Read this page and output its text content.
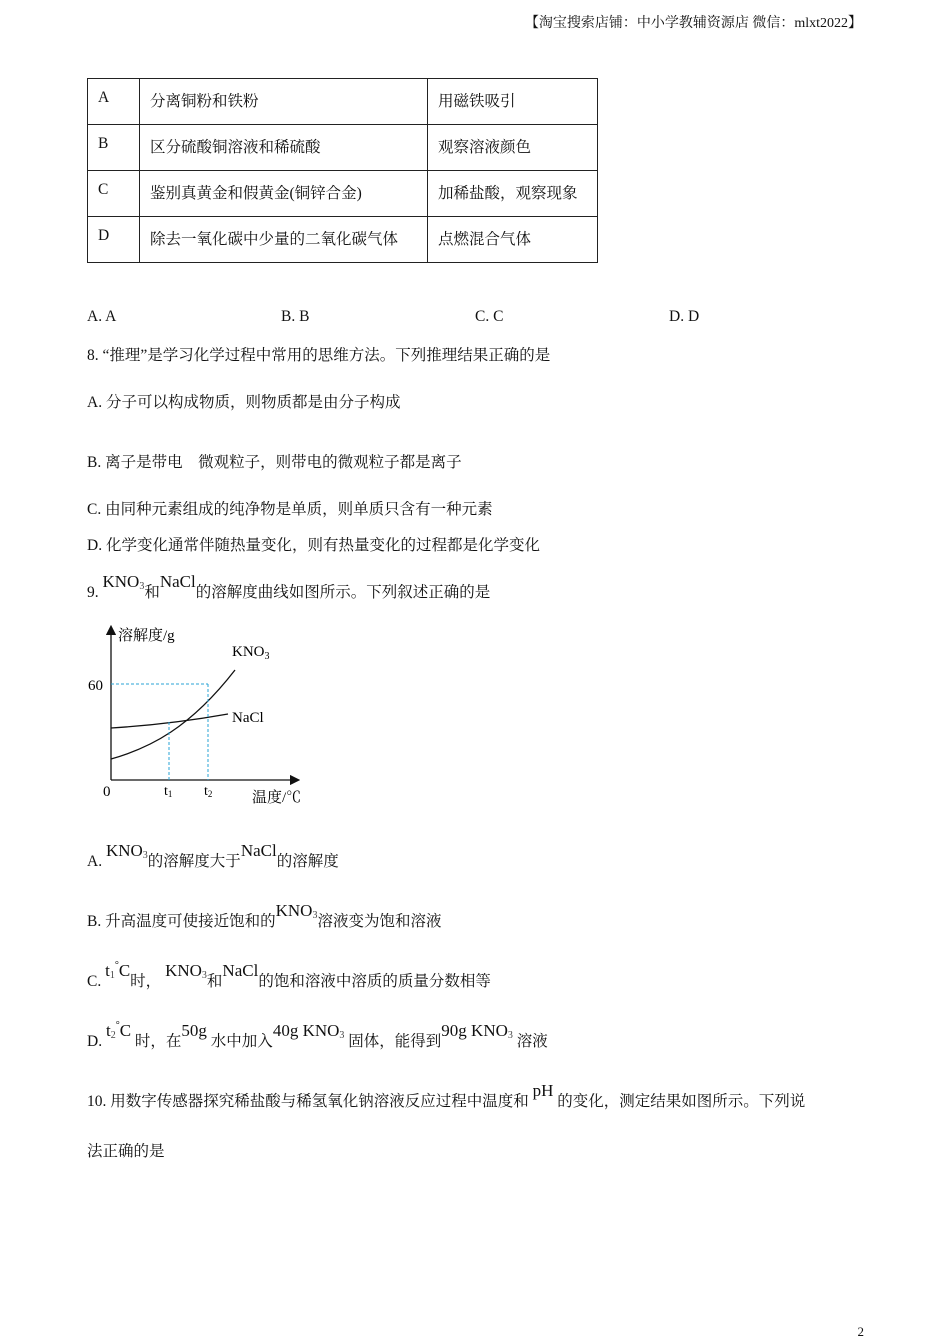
【淘宝搜索店铺：中小学教辅资源店 微信：mlxt2022】
A	分离铜粉和铁粉	用磁铁吸引
B	区分硫酸铜溶液和稀硫酸	观察溶液颜色
C	鉴别真黄金和假黄金(铜锌合金)	加稀盐酸，观察现象
D	除去一氧化碳中少量的二氧化碳气体	点燃混合气体
A. A	B. B	C. C	D. D
8. “推理”是学习化学过程中常用的思维方法。下列推理结果正确的是
A. 分子可以构成物质，则物质都是由分子构成
B. 离子是带电    微观粒子，则带电的微观粒子都是离子
C. 由同种元素组成的纯净物是单质，则单质只含有一种元素
D. 化学变化通常伴随热量变化，则有热量变化的过程都是化学变化
9. KNO3和NaCl的溶解度曲线如图所示。下列叙述正确的是
溶解度/g
$KNO_3$
NaCl
60
0	t1 t2	温度/℃
A. KNO3的溶解度大于NaCl的溶解度
B. 升高温度可使接近饱和的KNO3溶液变为饱和溶液
C. t1°C时， KNO3和NaCl的饱和溶液中溶质的质量分数相等
D. t2°C 时，在50g 水中加入40g KNO3 固体，能得到90g KNO3 溶液
10. 用数字传感器探究稀盐酸与稀氢氧化钠溶液反应过程中温度和 pH 的变化，测定结果如图所示。下列说
法正确的是
2
